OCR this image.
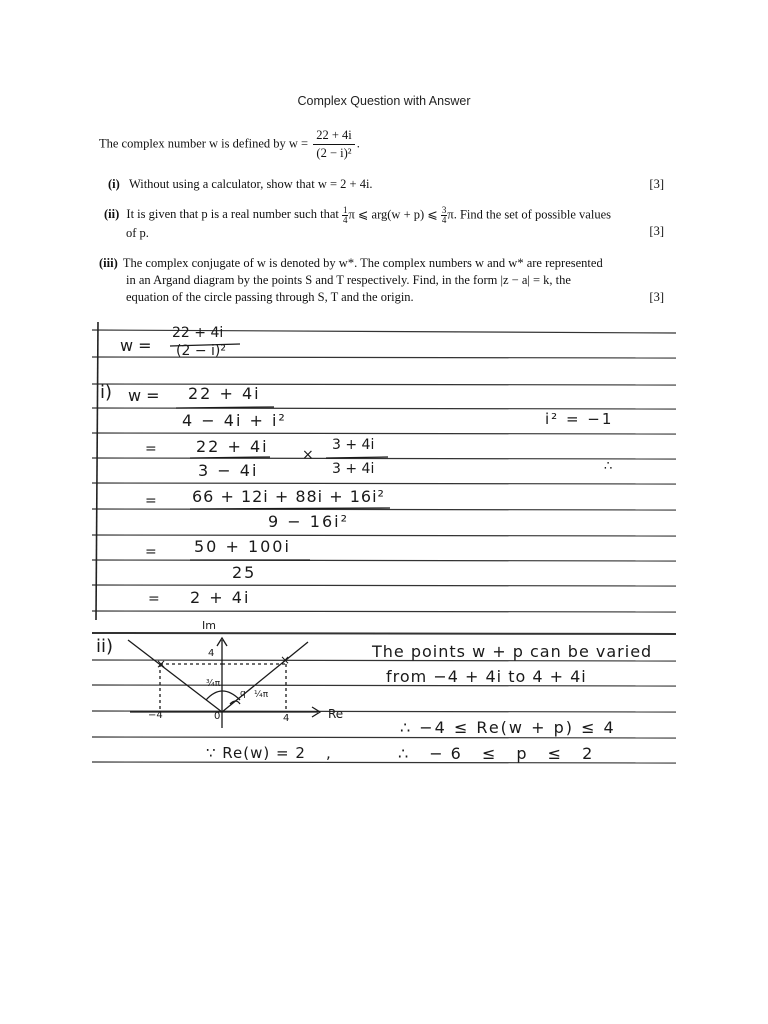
Complex Question with Answer
The complex number w is defined by $w = \frac{22 + 4i}{\text{(2 − i)²}}$ .
(i) Without using a calculator, show that w = 2 + 4i.	[3]
(ii) It is given that p is a real number such that $\frac{1}{4}\pi$ ⩽ arg(w + p) ⩽ $\frac{3}{4}\pi$. Find the set of possible values
of p.	[3]
(iii) The complex conjugate of w is denoted by w*. The complex numbers w and w* are represented
in an Argand diagram by the points S and T respectively. Find, in the form |z − a| = k, the
equation of the circle passing through S, T and the origin.	[3]
×
×
w =
22 + 4i
(2 − i)²
i) w = 22 + 4i
4 − 4i + i²	i² = −1
= 22 + 4i
3 − 4i
×
3 + 4i
3 + 4i	∴
= 66 + 12i + 88i + 16i²
9 − 16i²
= 50 + 100i
25
= 2 + 4i
ii)
Im
Re
4
−4	0	4
¾π
¼π
q
The points w + p can be varied
from −4 + 4i to 4 + 4i
∴ −4 ≤ Re(w + p) ≤ 4
∵ Re(w) = 2 ,	∴ −6 ≤ p ≤ 2
